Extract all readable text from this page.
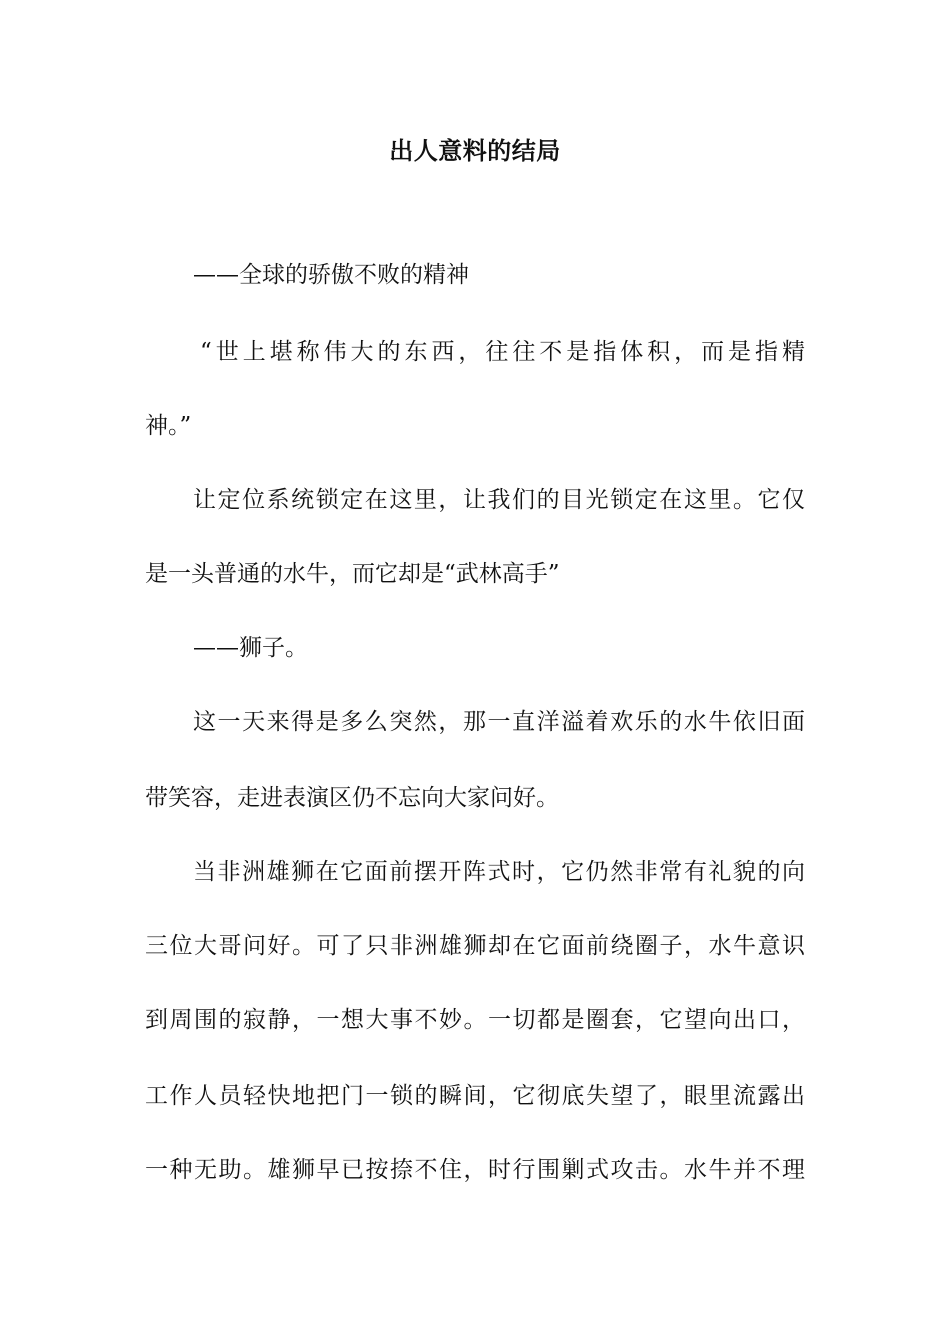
出人意料的结局
——全球的骄傲不败的精神
“世上堪称伟大的东西，往往不是指体积，而是指精
神。”
让定位系统锁定在这里，让我们的目光锁定在这里。它仅
是一头普通的水牛，而它却是“武林高手”
——狮子。
这一天来得是多么突然，那一直洋溢着欢乐的水牛依旧面
带笑容，走进表演区仍不忘向大家问好。
当非洲雄狮在它面前摆开阵式时，它仍然非常有礼貌的向
三位大哥问好。可了只非洲雄狮却在它面前绕圈子，水牛意识
到周围的寂静，一想大事不妙。一切都是圈套，它望向出口，
工作人员轻快地把门一锁的瞬间，它彻底失望了，眼里流露出
一种无助。雄狮早已按捺不住，时行围剿式攻击。水牛并不理
